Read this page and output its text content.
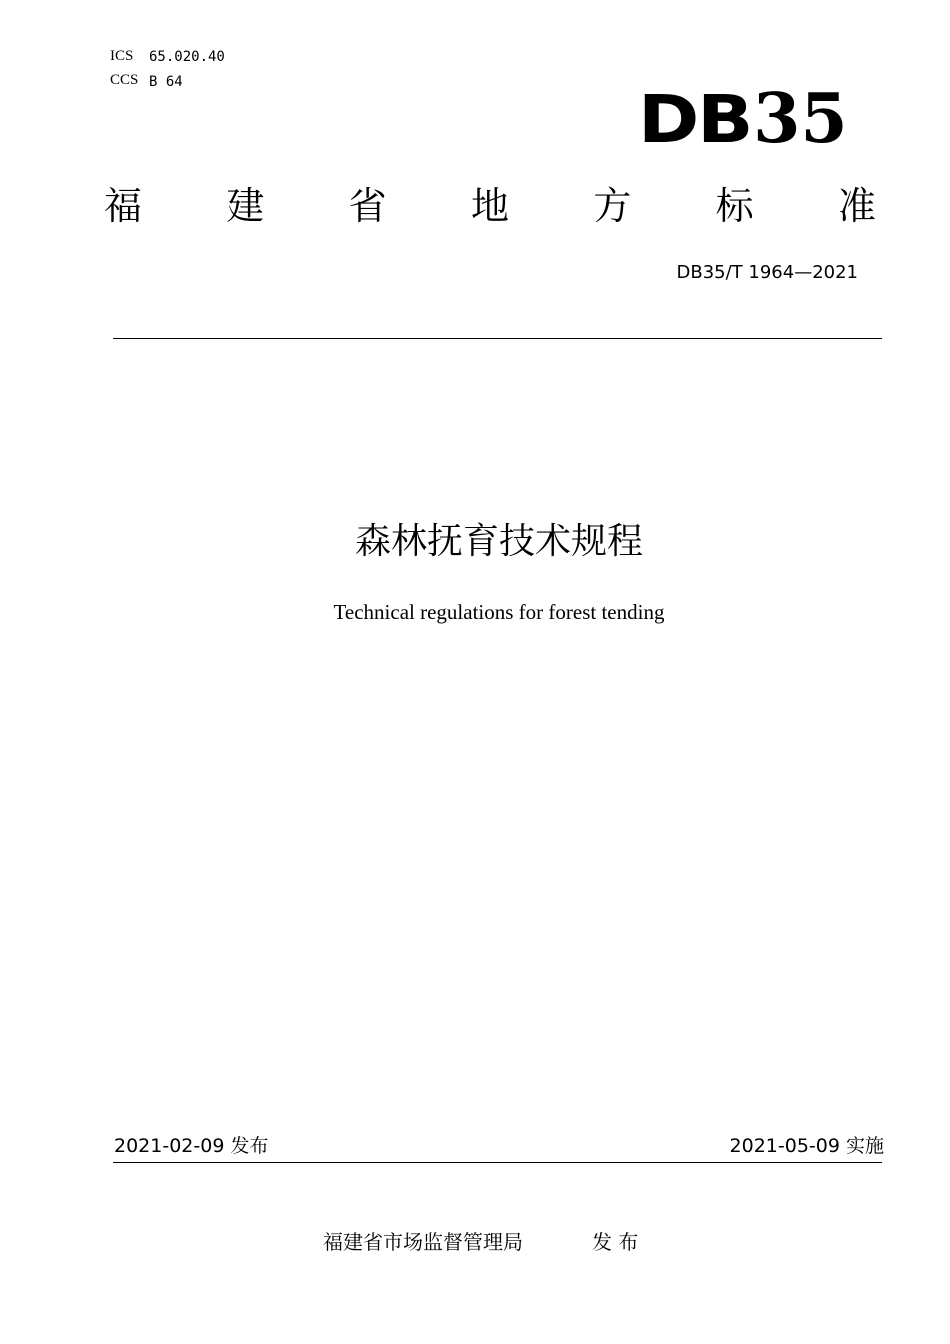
ICS 65.020.40
CCS B 64	DB35
福 建 省 地 方 标 准
DB35/T 1964—2021
森林抚育技术规程
Technical regulations for forest tending
2021-02-09 发布	2021-05-09 实施
福建省市场监督管理局	发 布
